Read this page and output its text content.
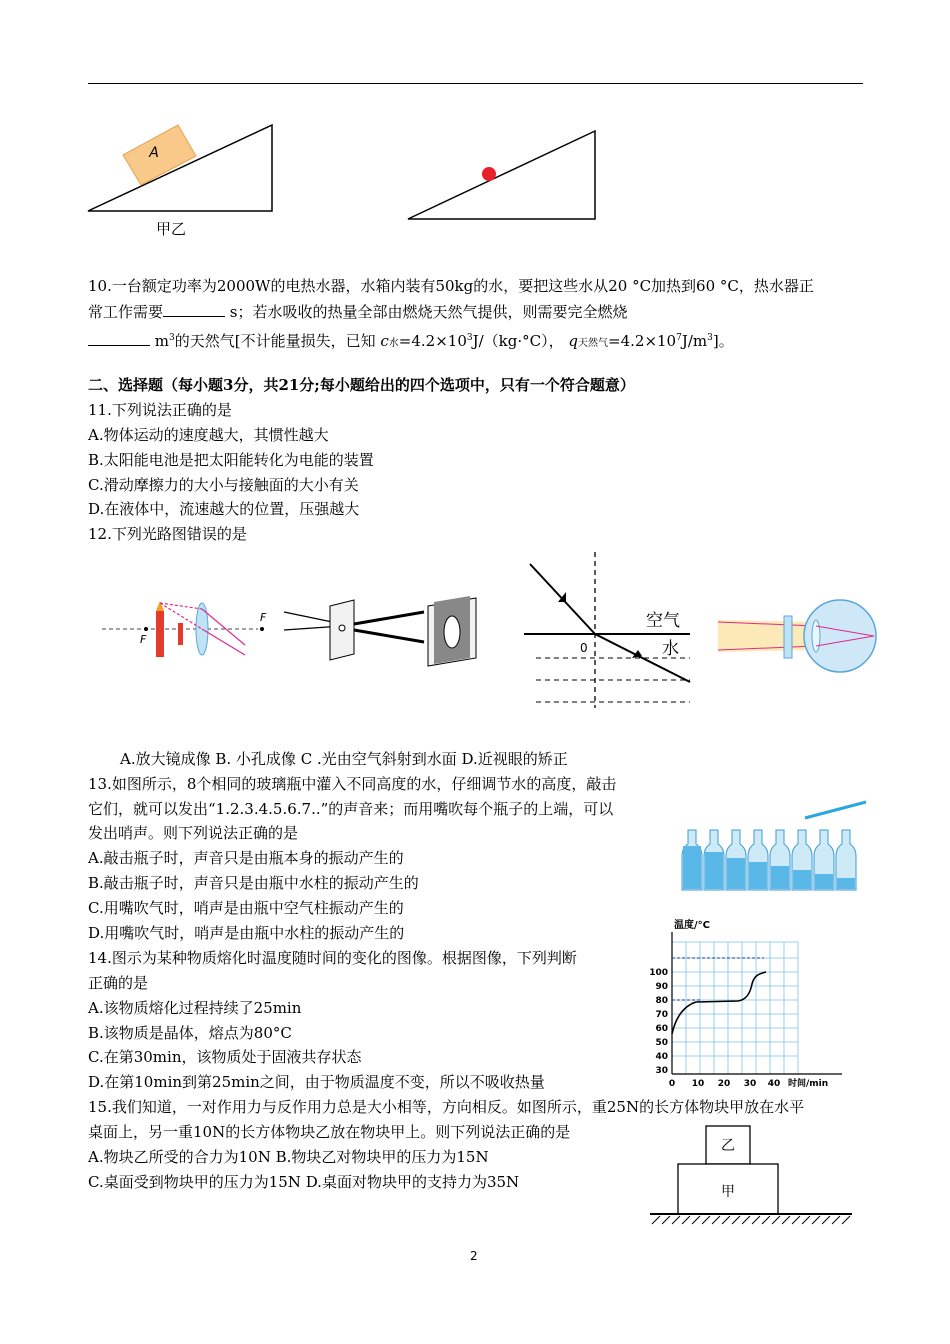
A
甲乙
10.一台额定功率为2000W的电热水器，水箱内装有50kg的水，要把这些水从20 °C加热到60 °C，热水器正
常工作需要	s；若水吸收的热量全部由燃烧天然气提供，则需要完全燃烧
$m^3$的天然气[不计能量损失，已知 c水$=4.2\times 10^3J/(kg\cdot^\circ C)$， q天然气$=4.2\times 10^7J/m^3$]。
二、选择题（每小题3分，共21分;每小题给出的四个选项中，只有一个符合题意）
11.下列说法正确的是
A.物体运动的速度越大，其惯性越大
B.太阳能电池是把太阳能转化为电能的装置
C.滑动摩擦力的大小与接触面的大小有关
D.在液体中，流速越大的位置，压强越大
12.下列光路图错误的是
F
F	空气
水
0
A.放大镜成像 B. 小孔成像 C .光由空气斜射到水面 D.近视眼的矫正
13.如图所示，8个相同的玻璃瓶中灌入不同高度的水，仔细调节水的高度，敲击
它们，就可以发出“1.2.3.4.5.6.7..”的声音来；而用嘴吹每个瓶子的上端，可以
发出哨声。则下列说法正确的是
A.敲击瓶子时，声音只是由瓶本身的振动产生的
B.敲击瓶子时，声音只是由瓶中水柱的振动产生的
C.用嘴吹气时，哨声是由瓶中空气柱振动产生的
D.用嘴吹气时，哨声是由瓶中水柱的振动产生的
14.图示为某种物质熔化时温度随时间的变化的图像。根据图像，下列判断
正确的是
A.该物质熔化过程持续了25min
B.该物质是晶体，熔点为80°C
C.在第30min，该物质处于固液共存状态
D.在第10min到第25min之间，由于物质温度不变，所以不吸收热量
温度/°C
100
90
80
70
60
50
40
30
0 10 20 30 40 时间/min
15.我们知道，一对作用力与反作用力总是大小相等，方向相反。如图所示，重25N的长方体物块甲放在水平
桌面上，另一重10N的长方体物块乙放在物块甲上。则下列说法正确的是
A.物块乙所受的合力为10N B.物块乙对物块甲的压力为15N
C.桌面受到物块甲的压力为15N D.桌面对物块甲的支持力为35N
乙
甲
2
